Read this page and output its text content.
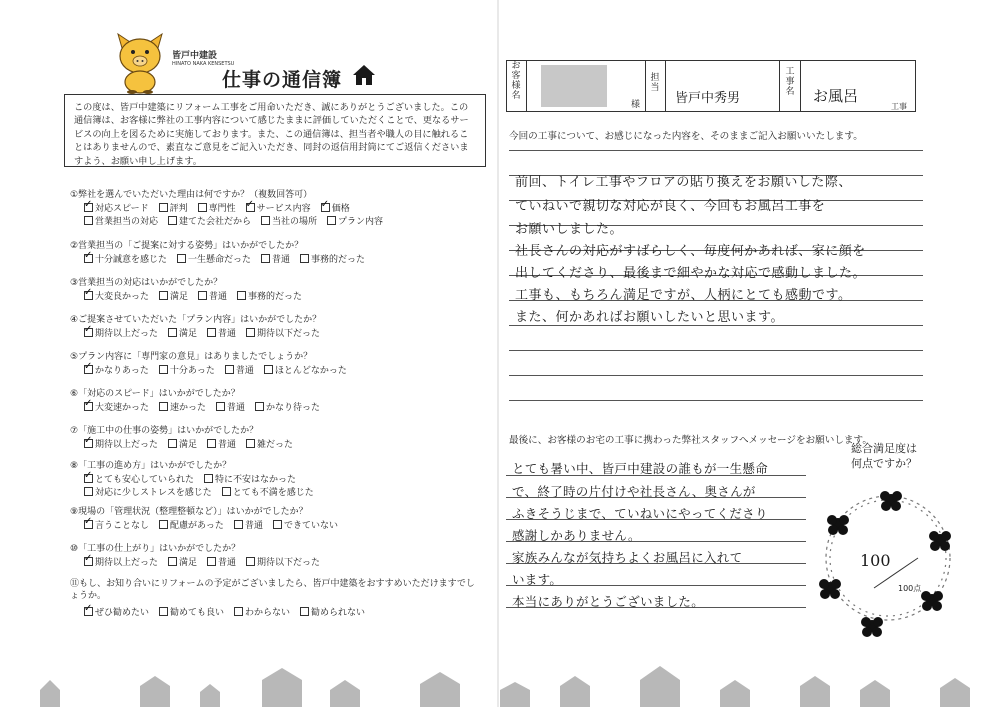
皆戸中建設
HINATO NAKA KENSETSU
仕事の通信簿
この度は、皆戸中建築にリフォーム工事をご用命いただき、誠にありがとうございました。この通信簿は、お客様に弊社の工事内容について感じたままに評価していただくことで、更なるサービスの向上を図るために実施しております。また、この通信簿は、担当者や職人の目に触れることはありませんので、素直なご意見をご記入いただき、同封の返信用封筒にてご返信くださいますよう、お願い申し上げます。
①弊社を選んでいただいた理由は何ですか？（複数回答可）
✓対応スピード 評判 専門性 ✓ サービス内容 ✓ 価格
営業担当の対応 建てた会社だから 当社の場所 プラン内容
②営業担当の「ご提案に対する姿勢」はいかがでしたか？
✓十分誠意を感じた 一生懸命だった 普通 事務的だった
③営業担当の対応はいかがでしたか？
✓大変良かった 満足 普通 事務的だった
④ご提案させていただいた「プラン内容」はいかがでしたか？
✓期待以上だった 満足 普通 期待以下だった
⑤プラン内容に「専門家の意見」はありましたでしょうか？
✓かなりあった 十分あった 普通 ほとんどなかった
⑥「対応のスピード」はいかがでしたか？
✓大変速かった 速かった 普通 かなり待った
⑦「施工中の仕事の姿勢」はいかがでしたか？
✓期待以上だった 満足 普通 雑だった
⑧「工事の進め方」はいかがでしたか？
✓とても安心していられた 特に不安はなかった
対応に少しストレスを感じた とても不満を感じた
⑨現場の「管理状況（整理整頓など）」はいかがでしたか？
✓言うことなし 配慮があった 普通 できていない
⑩「工事の仕上がり」はいかがでしたか？
✓期待以上だった 満足 普通 期待以下だった
⑪もし、お知り合いにリフォームの予定がございましたら、皆戸中建築をおすすめいただけますでしょうか。
✓ぜひ勧めたい 勧めても良い わからない 勧められない
お客様名
様
担当
皆戸中秀男
工事名 お風呂
工事
今回の工事について、お感じになった内容を、そのままご記入お願いいたします。
前回、トイレ工事やフロアの貼り換えをお願いした際、
ていねいで親切な対応が良く、今回もお風呂工事を
お願いしました。
社長さんの対応がすばらしく、毎度何かあれば、家に顔を
出してくださり、最後まで細やかな対応で感動しました。
工事も、もちろん満足ですが、人柄にとても感動です。
また、何かあればお願いしたいと思います。
最後に、お客様のお宅の工事に携わった弊社スタッフへメッセージをお願いします。
とても暑い中、皆戸中建設の誰もが一生懸命
で、終了時の片付けや社長さん、奥さんが
ふきそうじまで、ていねいにやってくださり
感謝しかありません。
家族みんなが気持ちよくお風呂に入れて
います。
本当にありがとうございました。
総合満足度は
何点ですか？
100
100点
